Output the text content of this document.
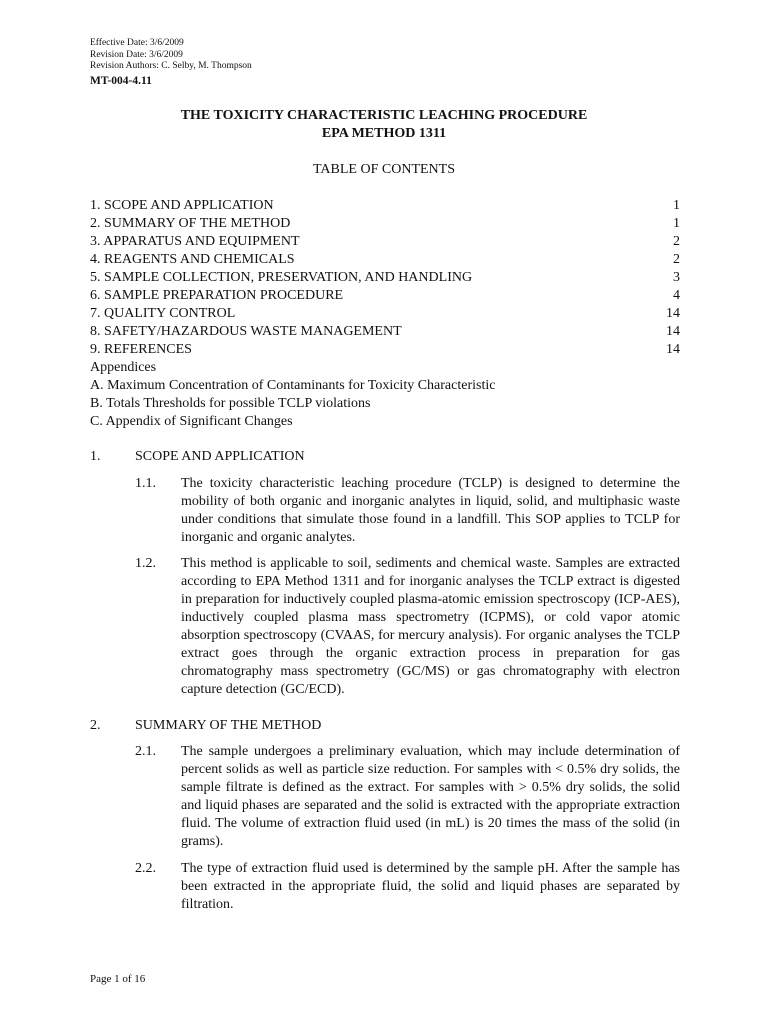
Effective Date: 3/6/2009
Revision Date: 3/6/2009
Revision Authors: C. Selby, M. Thompson
MT-004-4.11
THE TOXICITY CHARACTERISTIC LEACHING PROCEDURE
EPA METHOD 1311
TABLE OF CONTENTS
1. SCOPE AND APPLICATION	1
2. SUMMARY OF THE METHOD	1
3. APPARATUS AND EQUIPMENT	2
4. REAGENTS AND CHEMICALS	2
5. SAMPLE COLLECTION, PRESERVATION, AND HANDLING	3
6. SAMPLE PREPARATION PROCEDURE	4
7. QUALITY CONTROL	14
8. SAFETY/HAZARDOUS WASTE MANAGEMENT	14
9. REFERENCES	14
Appendices
A. Maximum Concentration of Contaminants for Toxicity Characteristic
B. Totals Thresholds for possible TCLP violations
C. Appendix of Significant Changes
1. SCOPE AND APPLICATION
1.1. The toxicity characteristic leaching procedure (TCLP) is designed to determine the mobility of both organic and inorganic analytes in liquid, solid, and multiphasic waste under conditions that simulate those found in a landfill. This SOP applies to TCLP for inorganic and organic analytes.
1.2. This method is applicable to soil, sediments and chemical waste. Samples are extracted according to EPA Method 1311 and for inorganic analyses the TCLP extract is digested in preparation for inductively coupled plasma-atomic emission spectroscopy (ICP-AES), inductively coupled plasma mass spectrometry (ICPMS), or cold vapor atomic absorption spectroscopy (CVAAS, for mercury analysis). For organic analyses the TCLP extract goes through the organic extraction process in preparation for gas chromatography mass spectrometry (GC/MS) or gas chromatography with electron capture detection (GC/ECD).
2. SUMMARY OF THE METHOD
2.1. The sample undergoes a preliminary evaluation, which may include determination of percent solids as well as particle size reduction. For samples with < 0.5% dry solids, the sample filtrate is defined as the extract. For samples with > 0.5% dry solids, the solid and liquid phases are separated and the solid is extracted with the appropriate extraction fluid. The volume of extraction fluid used (in mL) is 20 times the mass of the solid (in grams).
2.2. The type of extraction fluid used is determined by the sample pH. After the sample has been extracted in the appropriate fluid, the solid and liquid phases are separated by filtration.
Page 1 of 16
